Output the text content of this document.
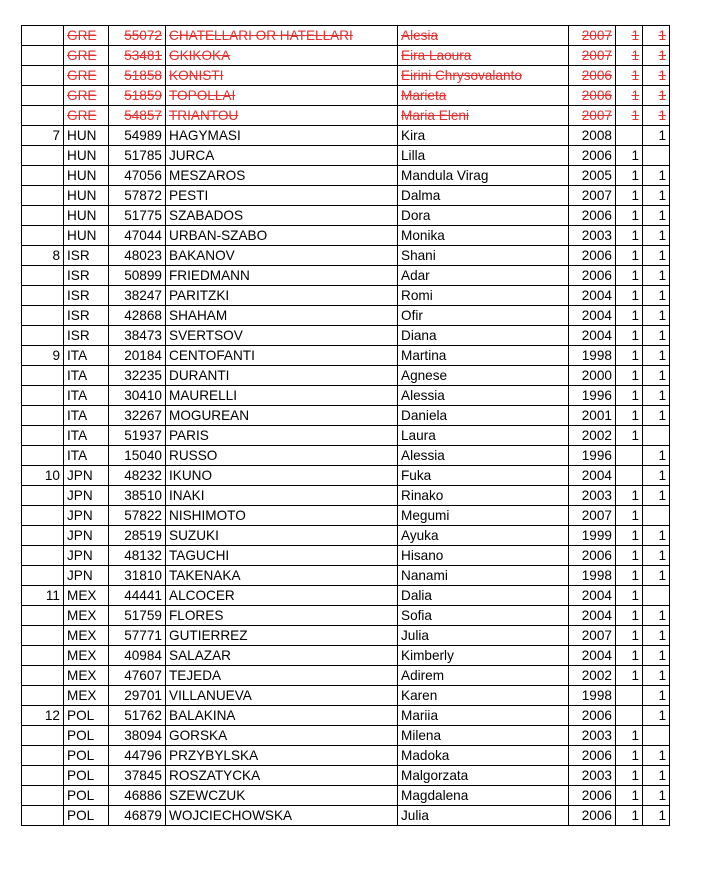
	GRE	55072	CHATELLARI OR HATELLARI	Alesia	2007	1	1
	GRE	53481	GKIKOKA	Eira Laoura	2007	1	1
	GRE	51858	KONISTI	Eirini Chrysovalanto	2006	1	1
	GRE	51859	TOPOLLAI	Marieta	2006	1	1
	GRE	54857	TRIANTOU	Maria Eleni	2007	1	1
7	HUN	54989	HAGYMASI	Kira	2008		1
	HUN	51785	JURCA	Lilla	2006	1	
	HUN	47056	MESZAROS	Mandula Virag	2005	1	1
	HUN	57872	PESTI	Dalma	2007	1	1
	HUN	51775	SZABADOS	Dora	2006	1	1
	HUN	47044	URBAN-SZABO	Monika	2003	1	1
8	ISR	48023	BAKANOV	Shani	2006	1	1
	ISR	50899	FRIEDMANN	Adar	2006	1	1
	ISR	38247	PARITZKI	Romi	2004	1	1
	ISR	42868	SHAHAM	Ofir	2004	1	1
	ISR	38473	SVERTSOV	Diana	2004	1	1
9	ITA	20184	CENTOFANTI	Martina	1998	1	1
	ITA	32235	DURANTI	Agnese	2000	1	1
	ITA	30410	MAURELLI	Alessia	1996	1	1
	ITA	32267	MOGUREAN	Daniela	2001	1	1
	ITA	51937	PARIS	Laura	2002	1	
	ITA	15040	RUSSO	Alessia	1996		1
10	JPN	48232	IKUNO	Fuka	2004		1
	JPN	38510	INAKI	Rinako	2003	1	1
	JPN	57822	NISHIMOTO	Megumi	2007	1	
	JPN	28519	SUZUKI	Ayuka	1999	1	1
	JPN	48132	TAGUCHI	Hisano	2006	1	1
	JPN	31810	TAKENAKA	Nanami	1998	1	1
11	MEX	44441	ALCOCER	Dalia	2004	1	
	MEX	51759	FLORES	Sofia	2004	1	1
	MEX	57771	GUTIERREZ	Julia	2007	1	1
	MEX	40984	SALAZAR	Kimberly	2004	1	1
	MEX	47607	TEJEDA	Adirem	2002	1	1
	MEX	29701	VILLANUEVA	Karen	1998		1
12	POL	51762	BALAKINA	Mariia	2006		1
	POL	38094	GORSKA	Milena	2003	1	
	POL	44796	PRZYBYLSKA	Madoka	2006	1	1
	POL	37845	ROSZATYCKA	Malgorzata	2003	1	1
	POL	46886	SZEWCZUK	Magdalena	2006	1	1
	POL	46879	WOJCIECHOWSKA	Julia	2006	1	1
